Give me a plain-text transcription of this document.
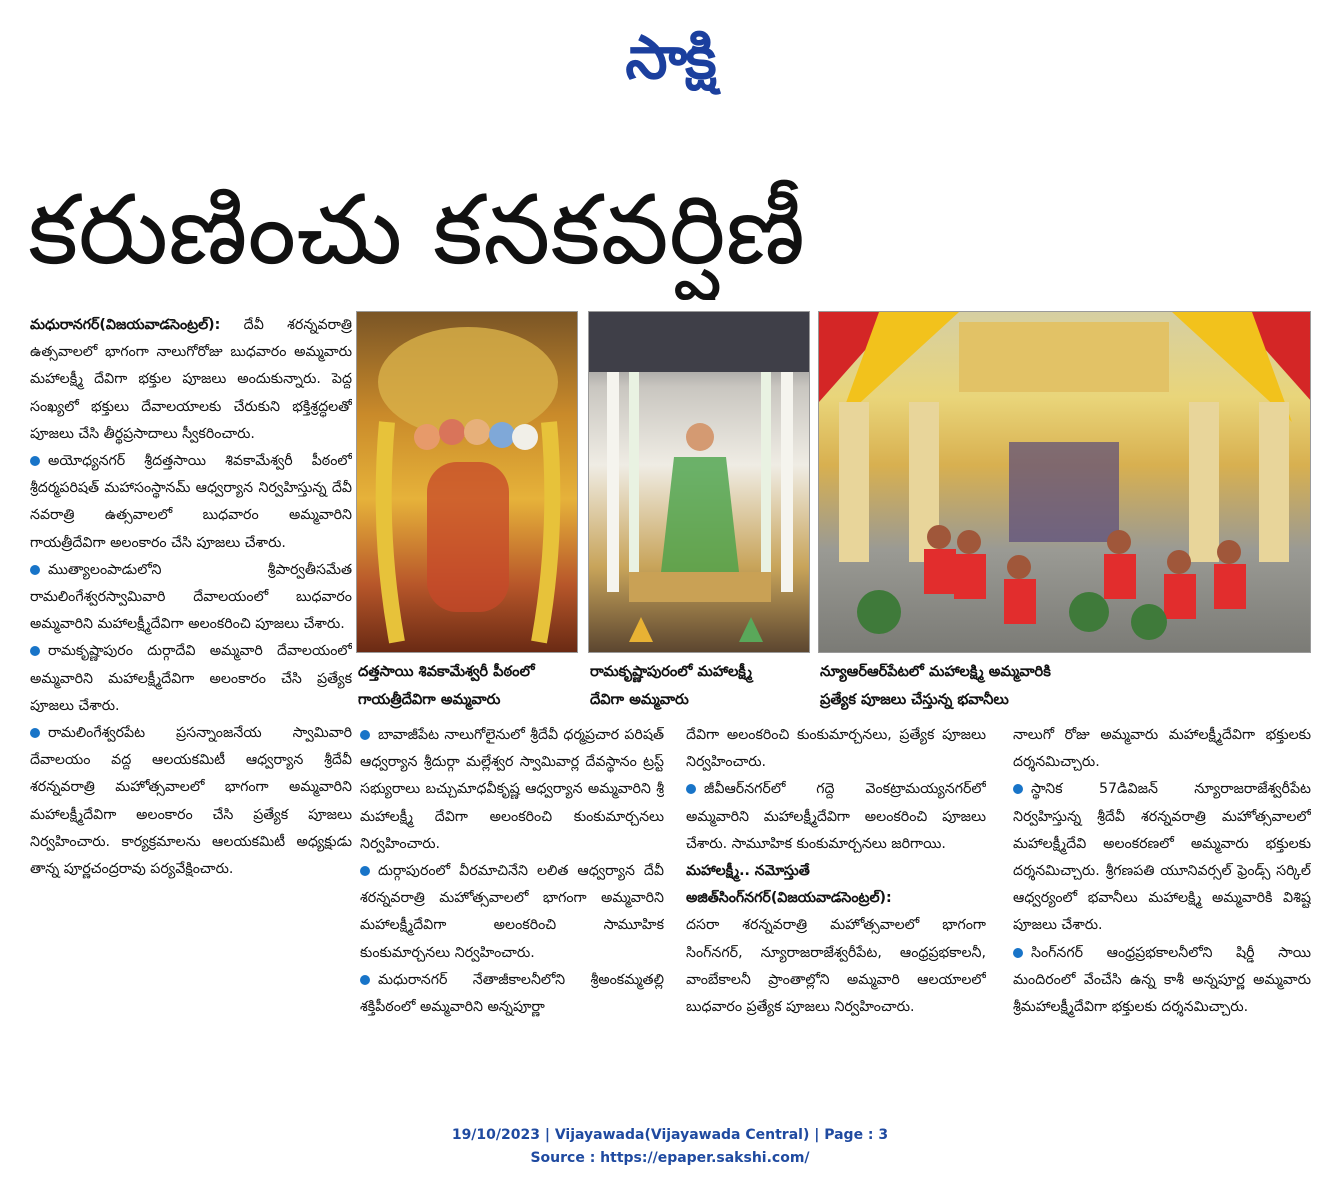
సాక్షి
కరుణించు కనకవర్షిణీ

మధురానగర్‌(విజయవాడసెంట్రల్‌): దేవీ శరన్నవరాత్రి ఉత్సవాలలో భాగంగా నాలుగోరోజు బుధవారం అమ్మవారు మహాలక్ష్మీ దేవిగా భక్తుల పూజలు అందుకున్నారు. పెద్ద సంఖ్యలో భక్తులు దేవాలయాలకు చేరుకుని భక్తిశ్రద్ధలతో పూజలు చేసి తీర్థప్రసాదాలు స్వీకరించారు.

అయోధ్యనగర్‌ శ్రీదత్తసాయి శివకామేశ్వరీ పీఠంలో శ్రీదర్మపరిషత్‌ మహాసంస్థానమ్‌ ఆధ్వర్యాన నిర్వహిస్తున్న దేవీ నవరాత్రి ఉత్సవాలలో బుధవారం అమ్మవారిని గాయత్రీదేవిగా అలంకారం చేసి పూజలు చేశారు.

ముత్యాలంపాడులోని శ్రీపార్వతీసమేత రామలింగేశ్వరస్వామివారి దేవాలయంలో బుధవారం అమ్మవారిని మహాలక్ష్మీదేవిగా అలంకరించి పూజలు చేశారు.

రామకృష్ణాపురం దుర్గాదేవి అమ్మవారి దేవాలయంలో అమ్మవారిని మహాలక్ష్మీదేవిగా అలంకారం చేసి ప్రత్యేక పూజలు చేశారు.

రామలింగేశ్వరపేట ప్రసన్నాంజనేయ స్వామివారి దేవాలయం వద్ద ఆలయకమిటీ ఆధ్వర్యాన శ్రీదేవీ శరన్నవరాత్రి మహోత్సవాలలో భాగంగా అమ్మవారిని మహాలక్ష్మీదేవిగా అలంకారం చేసి ప్రత్యేక పూజలు నిర్వహించారు. కార్యక్రమాలను ఆలయకమిటీ అధ్యక్షుడు తాన్న పూర్ణచంద్రరావు పర్యవేక్షించారు.

దత్తసాయి శివకామేశ్వరీ పీఠంలో
గాయత్రీదేవిగా అమ్మవారు
రామకృష్ణాపురంలో మహాలక్ష్మీ
దేవిగా అమ్మవారు
న్యూఆర్‌ఆర్‌పేటలో మహాలక్ష్మి అమ్మవారికి
ప్రత్యేక పూజలు చేస్తున్న భవానీలు

బావాజీపేట నాలుగోలైనులో శ్రీదేవీ ధర్మప్రచార పరిషత్‌ ఆధ్వర్యాన శ్రీదుర్గా మల్లేశ్వర స్వామివార్ల దేవస్థానం ట్రస్ట్‌ సభ్యురాలు బచ్చుమాధవీకృష్ణ ఆధ్వర్యాన అమ్మవారిని శ్రీ మహాలక్ష్మీ దేవిగా అలంకరించి కుంకుమార్చనలు నిర్వహించారు.

దుర్గాపురంలో వీరమాచినేని లలిత ఆధ్వర్యాన దేవీ శరన్నవరాత్రి మహోత్సవాలలో భాగంగా అమ్మవారిని మహాలక్ష్మీదేవిగా అలంకరించి సామూహిక కుంకుమార్చనలు నిర్వహించారు.

మధురానగర్‌ నేతాజీకాలనీలోని శ్రీఅంకమ్మతల్లి శక్తిపీఠంలో అమ్మవారిని అన్నపూర్ణా

దేవిగా అలంకరించి కుంకుమార్చనలు, ప్రత్యేక పూజలు నిర్వహించారు.

జీవీఆర్‌నగర్‌లో గద్దె వెంకట్రామయ్యనగర్‌లో అమ్మవారిని మహాలక్ష్మీదేవిగా అలంకరించి పూజలు చేశారు. సామూహిక కుంకుమార్చనలు జరిగాయి.

మహాలక్ష్మీ.. నమోస్తుతే

అజిత్‌సింగ్‌నగర్‌(విజయవాడసెంట్రల్‌):

దసరా శరన్నవరాత్రి మహోత్సవాలలో భాగంగా సింగ్‌నగర్‌, న్యూరాజరాజేశ్వరీపేట, ఆంధ్రప్రభకాలనీ, వాంబేకాలనీ ప్రాంతాల్లోని అమ్మవారి ఆలయాలలో బుధవారం ప్రత్యేక పూజలు నిర్వహించారు.

నాలుగో రోజు అమ్మవారు మహాలక్ష్మీదేవిగా భక్తులకు దర్శనమిచ్చారు.

స్థానిక 57డివిజన్‌ న్యూరాజరాజేశ్వరీపేట నిర్వహిస్తున్న శ్రీదేవీ శరన్నవరాత్రి మహోత్సవాలలో మహాలక్ష్మీదేవి అలంకరణలో అమ్మవారు భక్తులకు దర్శనమిచ్చారు. శ్రీగణపతి యూనివర్సల్‌ ఫ్రెండ్స్‌ సర్కిల్‌ ఆధ్వర్యంలో భవానీలు మహాలక్ష్మి అమ్మవారికి విశిష్ట పూజలు చేశారు.

సింగ్‌నగర్‌ ఆంధ్రప్రభకాలనీలోని షిర్డీ సాయి మందిరంలో వేంచేసి ఉన్న కాశీ అన్నపూర్ణ అమ్మవారు శ్రీమహాలక్ష్మీదేవిగా భక్తులకు దర్శనమిచ్చారు.

19/10/2023 | Vijayawada(Vijayawada Central) | Page : 3
Source : https://epaper.sakshi.com/
